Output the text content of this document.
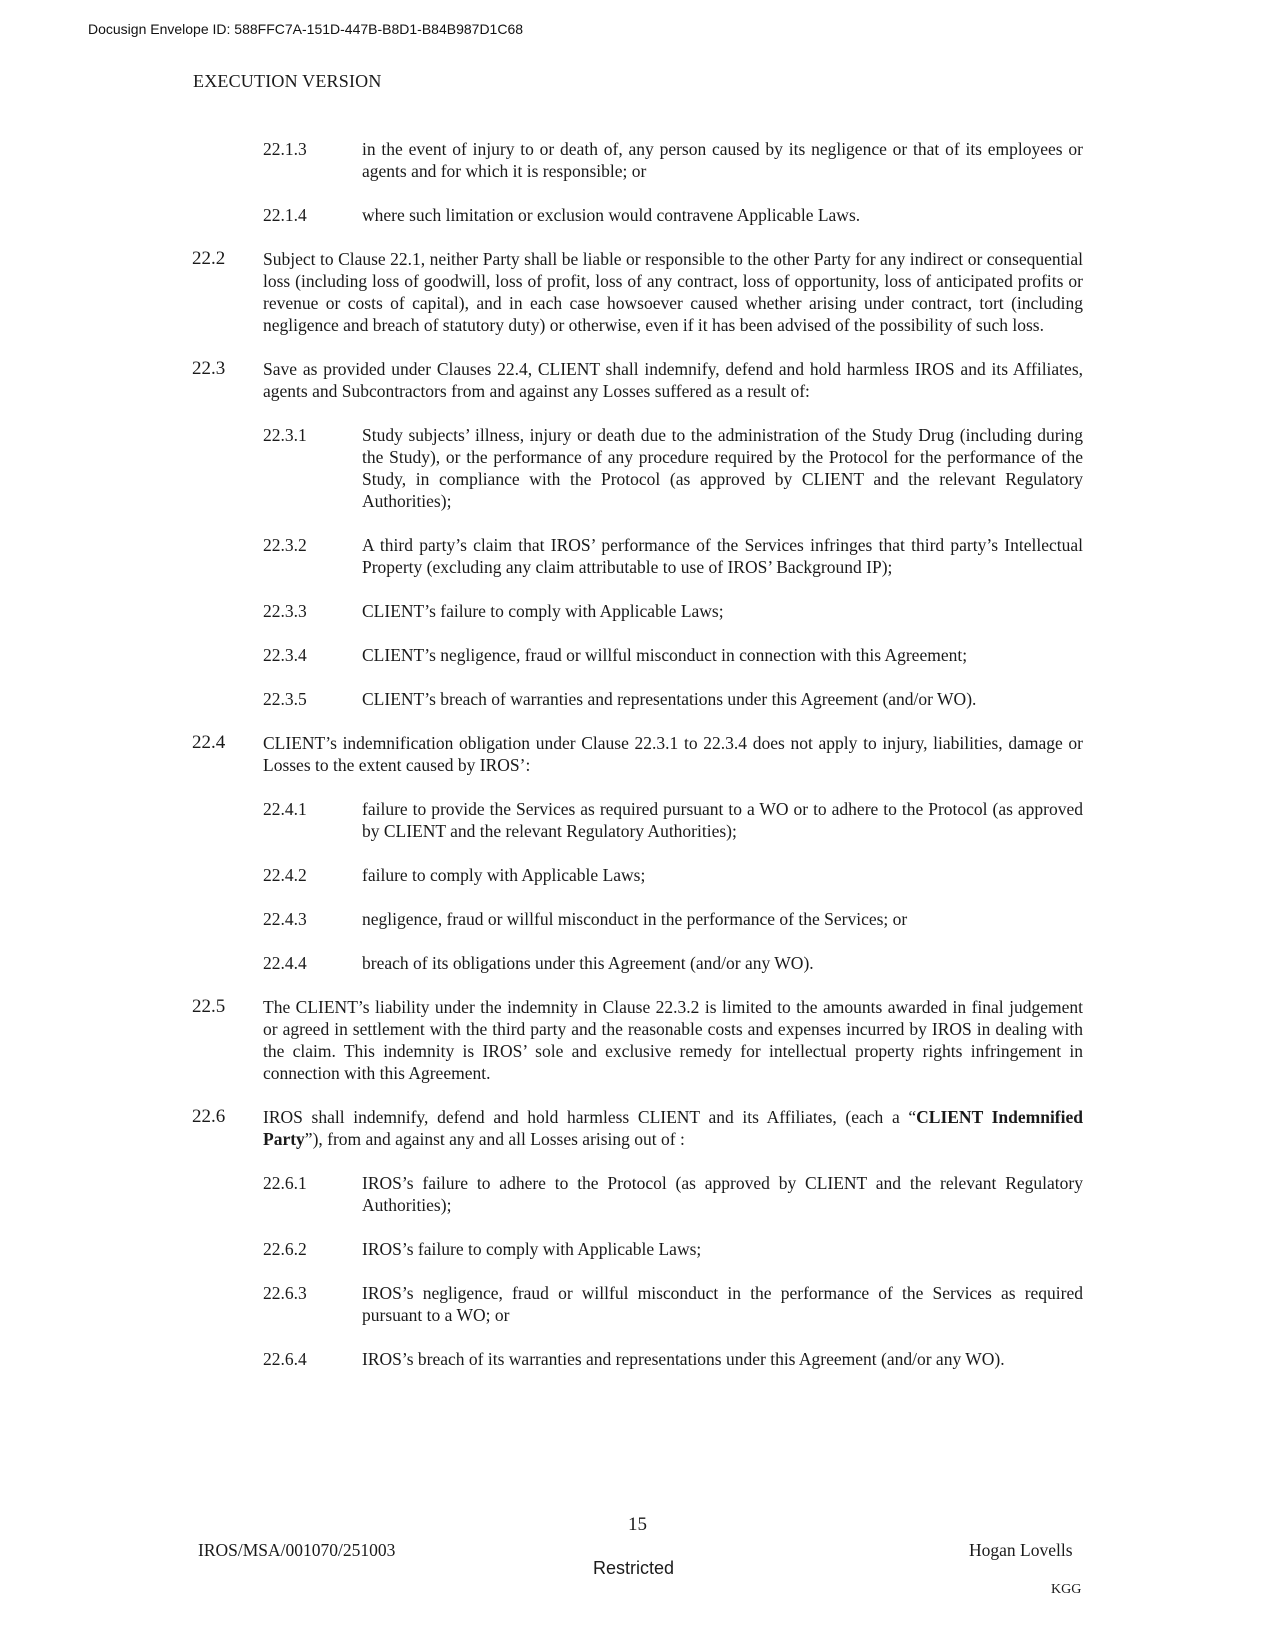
Docusign Envelope ID: 588FFC7A-151D-447B-B8D1-B84B987D1C68
EXECUTION VERSION
22.1.3	in the event of injury to or death of, any person caused by its negligence or that of its employees or agents and for which it is responsible; or
22.1.4	where such limitation or exclusion would contravene Applicable Laws.
22.2	Subject to Clause 22.1, neither Party shall be liable or responsible to the other Party for any indirect or consequential loss (including loss of goodwill, loss of profit, loss of any contract, loss of opportunity, loss of anticipated profits or revenue or costs of capital), and in each case howsoever caused whether arising under contract, tort (including negligence and breach of statutory duty) or otherwise, even if it has been advised of the possibility of such loss.
22.3	Save as provided under Clauses 22.4, CLIENT shall indemnify, defend and hold harmless IROS and its Affiliates, agents and Subcontractors from and against any Losses suffered as a result of:
22.3.1	Study subjects’ illness, injury or death due to the administration of the Study Drug (including during the Study), or the performance of any procedure required by the Protocol for the performance of the Study, in compliance with the Protocol (as approved by CLIENT and the relevant Regulatory Authorities);
22.3.2	A third party’s claim that IROS’ performance of the Services infringes that third party’s Intellectual Property (excluding any claim attributable to use of IROS’ Background IP);
22.3.3	CLIENT’s failure to comply with Applicable Laws;
22.3.4	CLIENT’s negligence, fraud or willful misconduct in connection with this Agreement;
22.3.5	CLIENT’s breach of warranties and representations under this Agreement (and/or WO).
22.4	CLIENT’s indemnification obligation under Clause 22.3.1 to 22.3.4 does not apply to injury, liabilities, damage or Losses to the extent caused by IROS’:
22.4.1	failure to provide the Services as required pursuant to a WO or to adhere to the Protocol (as approved by CLIENT and the relevant Regulatory Authorities);
22.4.2	failure to comply with Applicable Laws;
22.4.3	negligence, fraud or willful misconduct in the performance of the Services; or
22.4.4	breach of its obligations under this Agreement (and/or any WO).
22.5	The CLIENT’s liability under the indemnity in Clause 22.3.2 is limited to the amounts awarded in final judgement or agreed in settlement with the third party and the reasonable costs and expenses incurred by IROS in dealing with the claim. This indemnity is IROS’ sole and exclusive remedy for intellectual property rights infringement in connection with this Agreement.
22.6	IROS shall indemnify, defend and hold harmless CLIENT and its Affiliates, (each a “CLIENT Indemnified Party”), from and against any and all Losses arising out of :
22.6.1	IROS’s failure to adhere to the Protocol (as approved by CLIENT and the relevant Regulatory Authorities);
22.6.2	IROS’s failure to comply with Applicable Laws;
22.6.3	IROS’s negligence, fraud or willful misconduct in the performance of the Services as required pursuant to a WO; or
22.6.4	IROS’s breach of its warranties and representations under this Agreement (and/or any WO).
15
IROS/MSA/001070/251003
Restricted
Hogan Lovells
KGG
